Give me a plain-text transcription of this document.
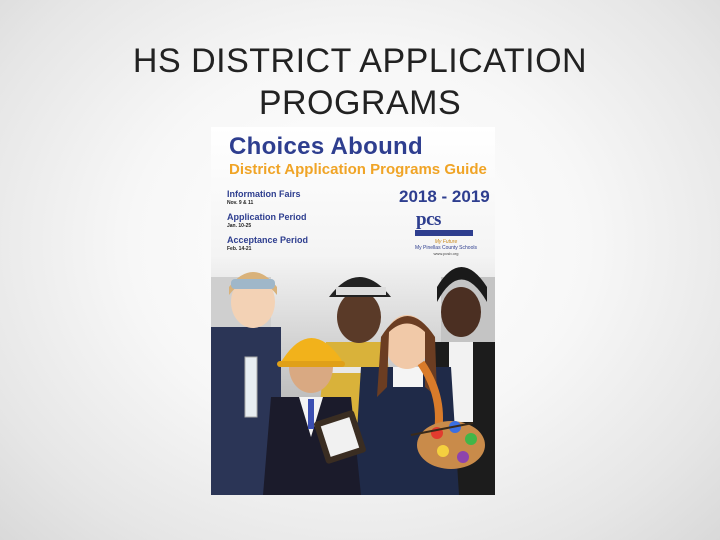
HS DISTRICT APPLICATION PROGRAMS
Choices Abound
District Application Programs Guide
Information Fairs
Nov. 9 & 11
Application Period
Jan. 10-25
Acceptance Period
Feb. 14-21
2018 - 2019
pcs
My Future
My Pinellas County Schools
www.pcsb.org
